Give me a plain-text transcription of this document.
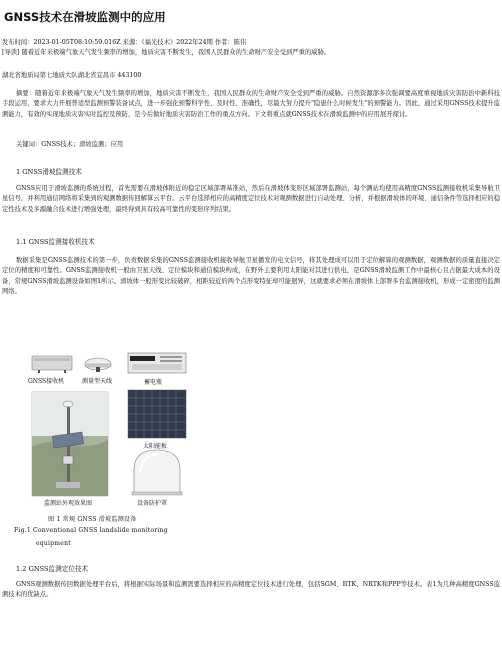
GNSS技术在滑坡监测中的应用
发布时间：2023-01-05T08:10:59.016Z 来源：《福光技术》2022年24期 作者：陈伟
[导读] 随着近年来极端气象天气发生频率的增加，地质灾害不断发生，我国人民群众的生命财产安全受到严重的威胁。
湖北省地质局第七地质大队湖北省宜昌市 443100
摘要：随着近年来极端气象天气发生频率的增加，地质灾害不断发生，我国人民群众的生命财产安全受到严重的威胁。自然资源部多次强调要高度重视地质灾害防治中新科技手段运用，要求大力开展普适型监测预警装备试点，进一步强化预警科学性、及时性、准确性，尽最大努力提升"隐患什么时候发生"的预警能力。因此，通过采用GNSS技术提升监测能力，有效的实现地质灾害实时监控及预防，是今后做好地质灾害防治工作的重点方向。下文将重点就GNSS技术在滑坡监测中的应用展开探讨。
关键词：GNSS技术；滑坡监测；应用
1 GNSS滑坡监测技术
GNSS应用于滑坡监测的系统过程，首先需要在滑坡体附近的稳定区域部署基准站，然后在滑坡体变形区域部署监测站，每个测站均使用高精度GNSS监测接收机采集导航卫星信号，并利用通信网络将采集到的观测数据传回解算云平台。云平台选择相应的高精度定位技术对观测数据进行自动处理、分析，并根据滑坡体的环境、通信条件等选择相应的稳定性技术及多源融合技术进行增强处理，最终得到具有较高可靠性的变形序列结果。
1.1 GNSS监测接收机技术
数据采集是GNSS监测技术的第一步，负责数据采集的GNSS监测接收机接收导航卫星播发的电文信号，将其处理成可以用于定位解算的观测数据，观测数据的质量直接决定定位的精度和可靠性。GNSS监测接收机一般由卫星天线、定位模块和通信模块构成，在野外主要利用太阳能对其进行供电，是GNSS滑坡监测工作中最核心且占据最大成本的设备，常规GNSS滑坡监测设备如图1所示。滑坡体一般形变比较破碎，相距较近的两个点形变特征却可能迥异，这就要求必须在滑坡体上部署多台监测接收机，形成一定密度的监测网络。
GNSS接收机	测量型天线	蓄电瓶
太阳能板
监测站外观效果图	设备防护罩
图 1 常规 GNSS 滑坡监测设备
Fig.1 Conventional GNSS landslide monitoring
equipment
1.2 GNSS监测定位技术
GNSS观测数据传回数据处理平台后，将根据实际场景和监测需要选择相应的高精度定位技术进行处理，包括SGM、RTK、NRTK和PPP等技术。表1为几种高精度GNSS监测技术的优缺点。
